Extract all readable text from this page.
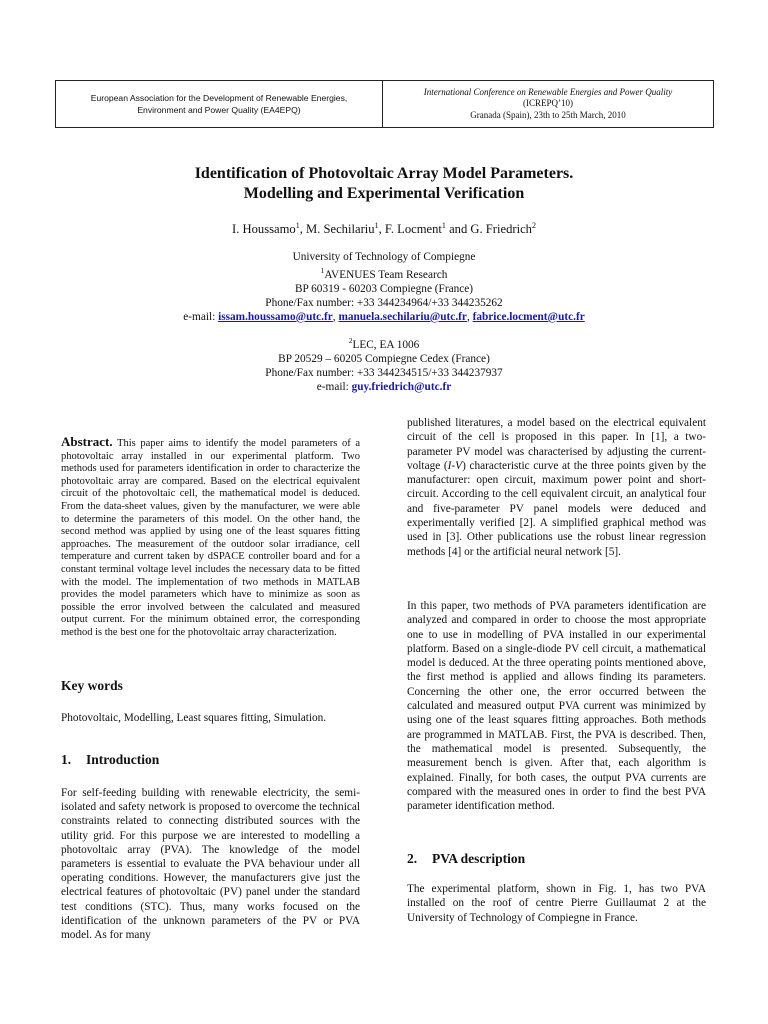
European Association for the Development of Renewable Energies,
Environment and Power Quality (EA4EPQ)
International Conference on Renewable Energies and Power Quality
(ICREPQ’10)
Granada (Spain), 23th to 25th March, 2010
Identification of Photovoltaic Array Model Parameters.
Modelling and Experimental Verification
I. Houssamo$^1$, M. Sechilariu$^1$, F. Locment$^1$ and G. Friedrich$^2$
University of Technology of Compiegne
$^1$AVENUES Team Research
BP 60319 - 60203 Compiegne (France)
Phone/Fax number: +33 344234964/+33 344235262
e-mail: issam.houssamo@utc.fr, manuela.sechilariu@utc.fr, fabrice.locment@utc.fr
$^2$LEC, EA 1006
BP 20529 – 60205 Compiegne Cedex (France)
Phone/Fax number: +33 344234515/+33 344237937
e-mail: guy.friedrich@utc.fr

Abstract. This paper aims to identify the model parameters of a photovoltaic array installed in our experimental platform. Two methods used for parameters identification in order to characterize the photovoltaic array are compared. Based on the electrical equivalent circuit of the photovoltaic cell, the mathematical model is deduced. From the data-sheet values, given by the manufacturer, we were able to determine the parameters of this model. On the other hand, the second method was applied by using one of the least squares fitting approaches. The measurement of the outdoor solar irradiance, cell temperature and current taken by dSPACE controller board and for a constant terminal voltage level includes the necessary data to be fitted with the model. The implementation of two methods in MATLAB provides the model parameters which have to minimize as soon as possible the error involved between the calculated and measured output current. For the minimum obtained error, the corresponding method is the best one for the photovoltaic array characterization.

Key words
Photovoltaic, Modelling, Least squares fitting, Simulation.
1. Introduction
For self-feeding building with renewable electricity, the semi-isolated and safety network is proposed to overcome the technical constraints related to connecting distributed sources with the utility grid. For this purpose we are interested to modelling a photovoltaic array (PVA). The knowledge of the model parameters is essential to evaluate the PVA behaviour under all operating conditions. However, the manufacturers give just the electrical features of photovoltaic (PV) panel under the standard test conditions (STC). Thus, many works focused on the identification of the unknown parameters of the PV or PVA model. As for many

published literatures, a model based on the electrical equivalent circuit of the cell is proposed in this paper. In [1], a two-parameter PV model was characterised by adjusting the current-voltage (I-V) characteristic curve at the three points given by the manufacturer: open circuit, maximum power point and short-circuit. According to the cell equivalent circuit, an analytical four and five-parameter PV panel models were deduced and experimentally verified [2]. A simplified graphical method was used in [3]. Other publications use the robust linear regression methods [4] or the artificial neural network [5].

In this paper, two methods of PVA parameters identification are analyzed and compared in order to choose the most appropriate one to use in modelling of PVA installed in our experimental platform. Based on a single-diode PV cell circuit, a mathematical model is deduced. At the three operating points mentioned above, the first method is applied and allows finding its parameters. Concerning the other one, the error occurred between the calculated and measured output PVA current was minimized by using one of the least squares fitting approaches. Both methods are programmed in MATLAB. First, the PVA is described. Then, the mathematical model is presented. Subsequently, the measurement bench is given. After that, each algorithm is explained. Finally, for both cases, the output PVA currents are compared with the measured ones in order to find the best PVA parameter identification method.
2. PVA description
The experimental platform, shown in Fig. 1, has two PVA installed on the roof of centre Pierre Guillaumat 2 at the University of Technology of Compiegne in France.
